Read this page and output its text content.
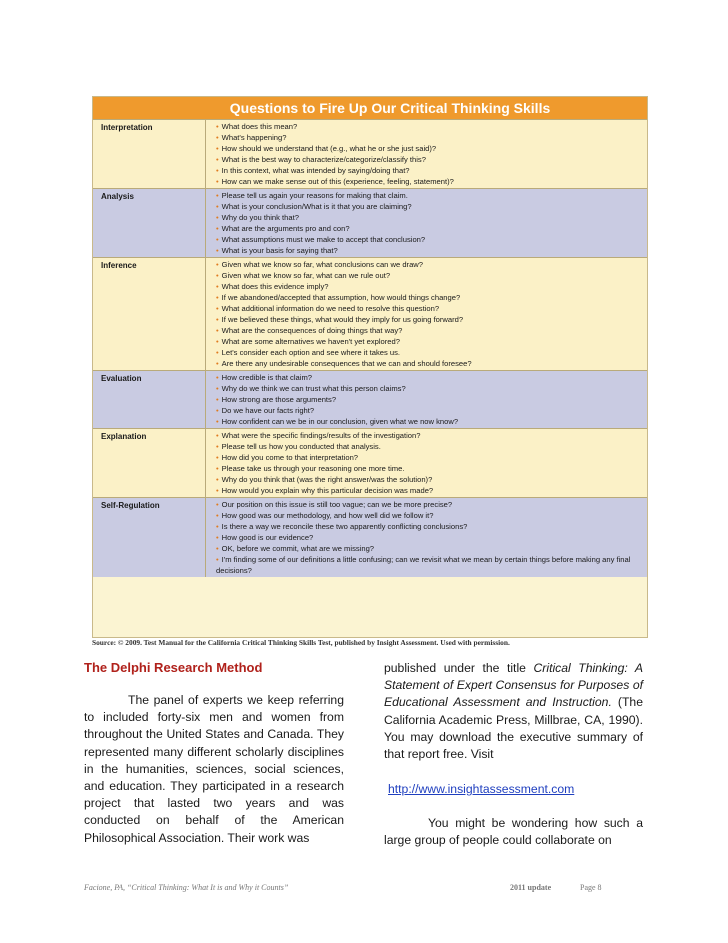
Questions to Fire Up Our Critical Thinking Skills
Interpretation	• What does this mean?
• What's happening?
• How should we understand that (e.g., what he or she just said)?
• What is the best way to characterize/categorize/classify this?
• In this context, what was intended by saying/doing that?
• How can we make sense out of this (experience, feeling, statement)?
Analysis	• Please tell us again your reasons for making that claim.
• What is your conclusion/What is it that you are claiming?
• Why do you think that?
• What are the arguments pro and con?
• What assumptions must we make to accept that conclusion?
• What is your basis for saying that?
Inference	• Given what we know so far, what conclusions can we draw?
• Given what we know so far, what can we rule out?
• What does this evidence imply?
• If we abandoned/accepted that assumption, how would things change?
• What additional information do we need to resolve this question?
• If we believed these things, what would they imply for us going forward?
• What are the consequences of doing things that way?
• What are some alternatives we haven't yet explored?
• Let's consider each option and see where it takes us.
• Are there any undesirable consequences that we can and should foresee?
Evaluation	• How credible is that claim?
• Why do we think we can trust what this person claims?
• How strong are those arguments?
• Do we have our facts right?
• How confident can we be in our conclusion, given what we now know?
Explanation	• What were the specific findings/results of the investigation?
• Please tell us how you conducted that analysis.
• How did you come to that interpretation?
• Please take us through your reasoning one more time.
• Why do you think that (was the right answer/was the solution)?
• How would you explain why this particular decision was made?
Self-Regulation	• Our position on this issue is still too vague; can we be more precise?
• How good was our methodology, and how well did we follow it?
• Is there a way we reconcile these two apparently conflicting conclusions?
• How good is our evidence?
• OK, before we commit, what are we missing?
• I'm finding some of our definitions a little confusing; can we revisit what we mean by certain things before making any final decisions?
Source: © 2009. Test Manual for the California Critical Thinking Skills Test, published by Insight Assessment. Used with permission.
The Delphi Research Method
The panel of experts we keep referring to included forty-six men and women from throughout the United States and Canada. They represented many different scholarly disciplines in the humanities, sciences, social sciences, and education. They participated in a research project that lasted two years and was conducted on behalf of the American Philosophical Association. Their work was
published under the title Critical Thinking: A Statement of Expert Consensus for Purposes of Educational Assessment and Instruction. (The California Academic Press, Millbrae, CA, 1990). You may download the executive summary of that report free. Visit
http://www.insightassessment.com
You might be wondering how such a large group of people could collaborate on
Facione, PA, “Critical Thinking: What It is and Why it Counts”	2011 update	Page 8
